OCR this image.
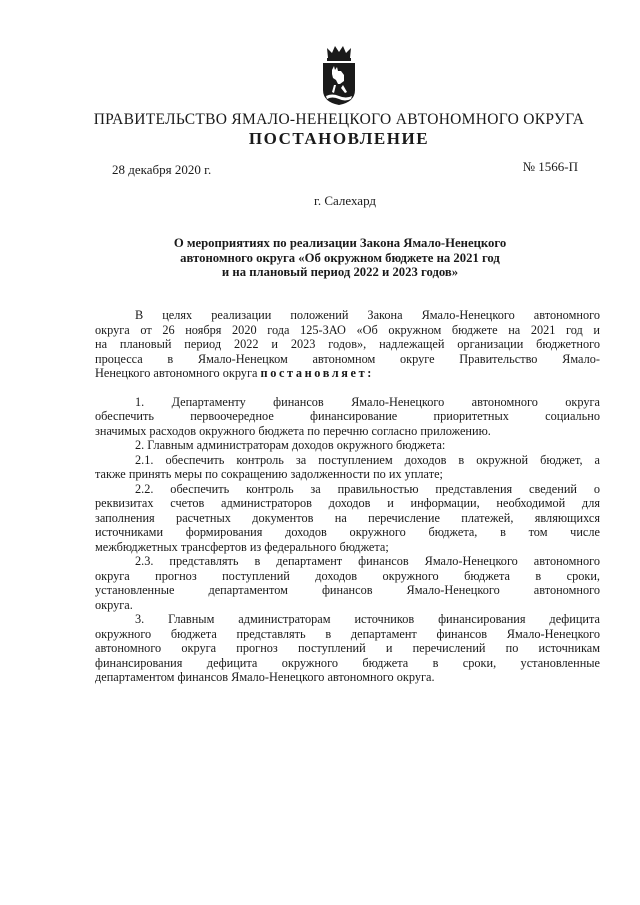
ПРАВИТЕЛЬСТВО ЯМАЛО-НЕНЕЦКОГО АВТОНОМНОГО ОКРУГА
ПОСТАНОВЛЕНИЕ
28 декабря 2020 г.	№ 1566-П
г. Салехард
О мероприятиях по реализации Закона Ямало-Ненецкого
автономного округа «Об окружном бюджете на 2021 год
и на плановый период 2022 и 2023 годов»
В целях реализации положений Закона Ямало-Ненецкого автономного
округа от 26 ноября 2020 года 125-ЗАО «Об окружном бюджете на 2021 год и
на плановый период 2022 и 2023 годов», надлежащей организации бюджетного
процесса в Ямало-Ненецком автономном округе Правительство Ямало-
Ненецкого автономного округа постановляет:
1. Департаменту финансов Ямало-Ненецкого автономного округа
обеспечить первоочередное финансирование приоритетных социально
значимых расходов окружного бюджета по перечню согласно приложению.
2. Главным администраторам доходов окружного бюджета:
2.1. обеспечить контроль за поступлением доходов в окружной бюджет, а
также принять меры по сокращению задолженности по их уплате;
2.2. обеспечить контроль за правильностью представления сведений о
реквизитах счетов администраторов доходов и информации, необходимой для
заполнения расчетных документов на перечисление платежей, являющихся
источниками формирования доходов окружного бюджета, в том числе
межбюджетных трансфертов из федерального бюджета;
2.3. представлять в департамент финансов Ямало-Ненецкого автономного
округа прогноз поступлений доходов окружного бюджета в сроки,
установленные департаментом финансов Ямало-Ненецкого автономного
округа.
3. Главным администраторам источников финансирования дефицита
окружного бюджета представлять в департамент финансов Ямало-Ненецкого
автономного округа прогноз поступлений и перечислений по источникам
финансирования дефицита окружного бюджета в сроки, установленные
департаментом финансов Ямало-Ненецкого автономного округа.
